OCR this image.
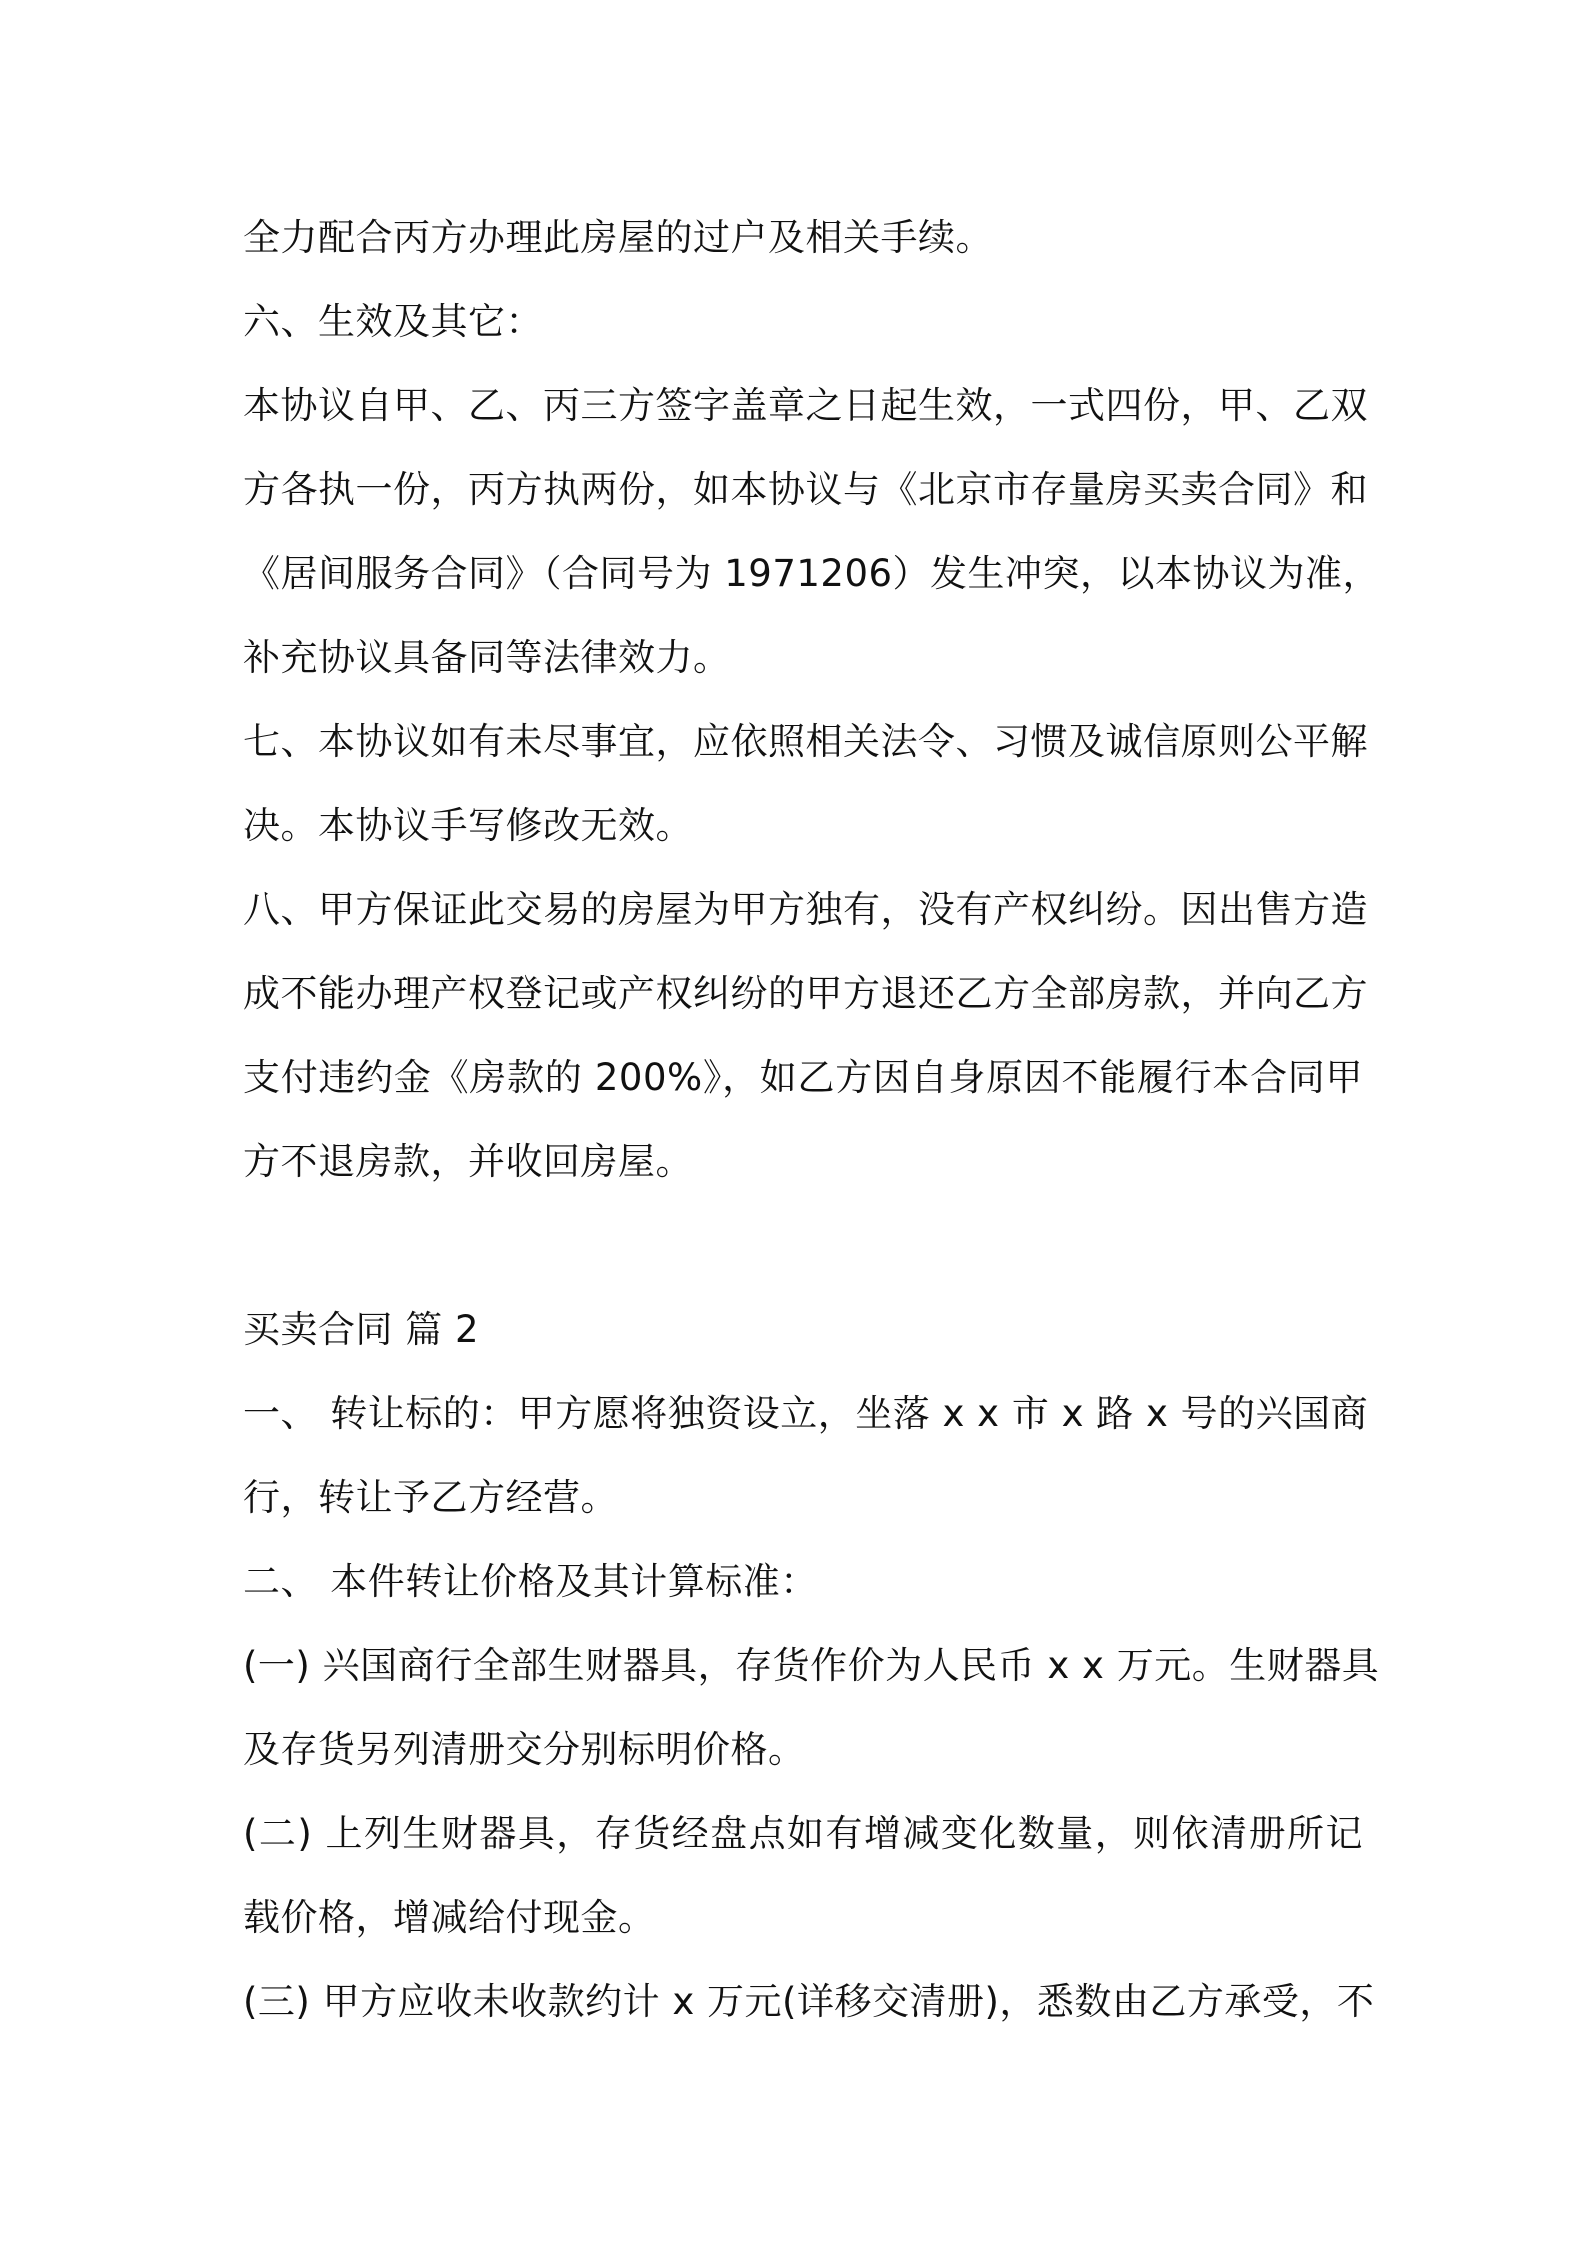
全力配合丙方办理此房屋的过户及相关手续。
六、生效及其它：
本协议自甲、乙、丙三方签字盖章之日起生效，一式四份，甲、乙双
方各执一份，丙方执两份，如本协议与《北京市存量房买卖合同》和
《居间服务合同》（合同号为 1971206）发生冲突，以本协议为准，
补充协议具备同等法律效力。
七、本协议如有未尽事宜，应依照相关法令、习惯及诚信原则公平解
决。本协议手写修改无效。
八、甲方保证此交易的房屋为甲方独有，没有产权纠纷。因出售方造
成不能办理产权登记或产权纠纷的甲方退还乙方全部房款，并向乙方
支付违约金《房款的 200%》，如乙方因自身原因不能履行本合同甲
方不退房款，并收回房屋。
买卖合同 篇 2
一、 转让标的：甲方愿将独资设立，坐落 x x 市 x 路 x 号的兴国商
行，转让予乙方经营。
二、 本件转让价格及其计算标准：
(一) 兴国商行全部生财器具，存货作价为人民币 x x 万元。生财器具
及存货另列清册交分别标明价格。
(二) 上列生财器具，存货经盘点如有增减变化数量，则依清册所记
载价格，增减给付现金。
(三) 甲方应收未收款约计 x 万元(详移交清册)，悉数由乙方承受，不
